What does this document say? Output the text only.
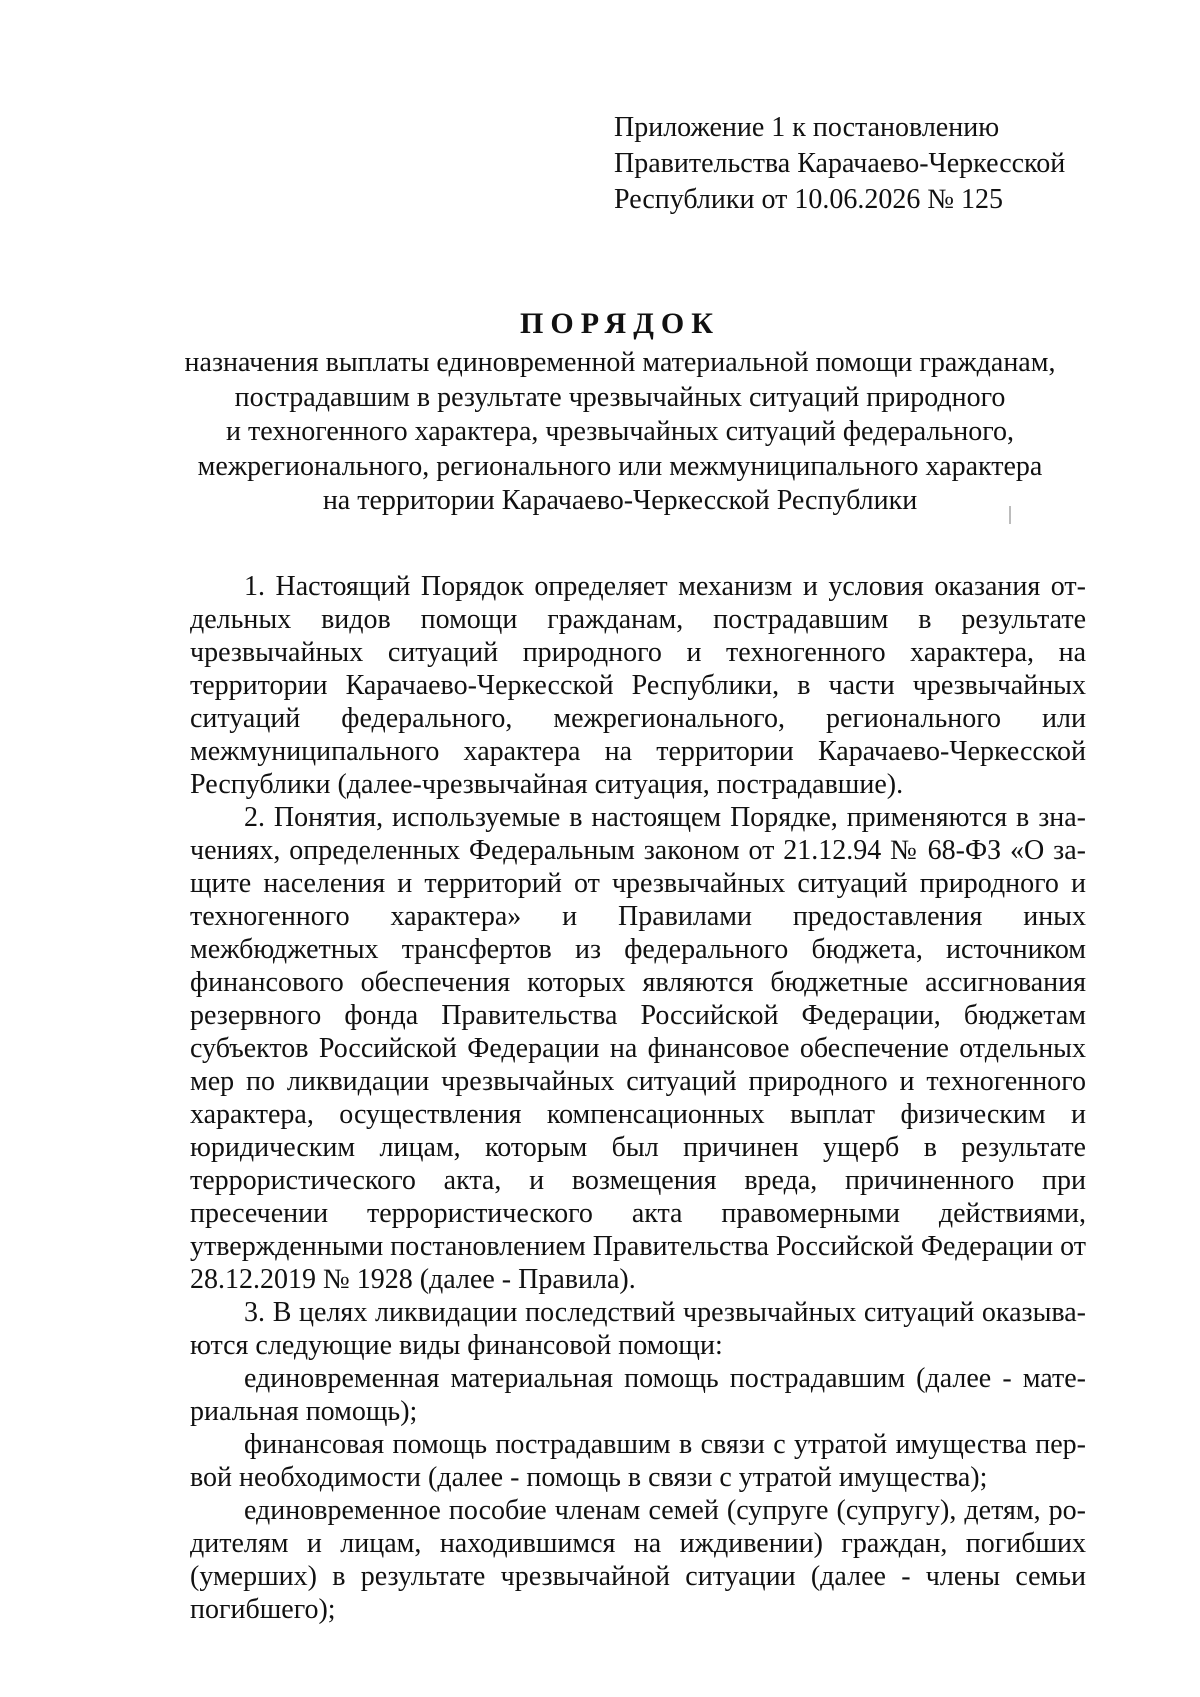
Приложение 1 к постановлению
Правительства Карачаево-Черкесской
Республики от 10.06.2026 № 125
ПОРЯДОК
назначения выплаты единовременной материальной помощи гражданам,
пострадавшим в результате чрезвычайных ситуаций природного
и техногенного характера, чрезвычайных ситуаций федерального,
межрегионального, регионального или межмуниципального характера
на территории Карачаево-Черкесской Республики

1. Настоящий Порядок определяет механизм и условия оказания отдельных видов помощи гражданам, пострадавшим в результате чрезвычайных ситуаций природного и техногенного характера, на территории Карачаево-Черкесской Республики, в части чрезвычайных ситуаций федерального, межрегионального, регионального или межмуниципального характера на территории Карачаево-Черкесской Республики (далее-чрезвычайная ситуация, пострадавшие).

2. Понятия, используемые в настоящем Порядке, применяются в значениях, определенных Федеральным законом от 21.12.94 № 68-ФЗ «О защите населения и территорий от чрезвычайных ситуаций природного и техногенного характера» и Правилами предоставления иных межбюджетных трансфертов из федерального бюджета, источником финансового обеспечения которых являются бюджетные ассигнования резервного фонда Правительства Российской Федерации, бюджетам субъектов Российской Федерации на финансовое обеспечение отдельных мер по ликвидации чрезвычайных ситуаций природного и техногенного характера, осуществления компенсационных выплат физическим и юридическим лицам, которым был причинен ущерб в результате террористического акта, и возмещения вреда, причиненного при пресечении террористического акта правомерными действиями, утвержденными постановлением Правительства Российской Федерации от 28.12.2019 № 1928 (далее - Правила).

3. В целях ликвидации последствий чрезвычайных ситуаций оказываются следующие виды финансовой помощи:

единовременная материальная помощь пострадавшим (далее - материальная помощь);

финансовая помощь пострадавшим в связи с утратой имущества первой необходимости (далее - помощь в связи с утратой имущества);

единовременное пособие членам семей (супруге (супругу), детям, родителям и лицам, находившимся на иждивении) граждан, погибших (умерших) в результате чрезвычайной ситуации (далее - члены семьи погибшего);
